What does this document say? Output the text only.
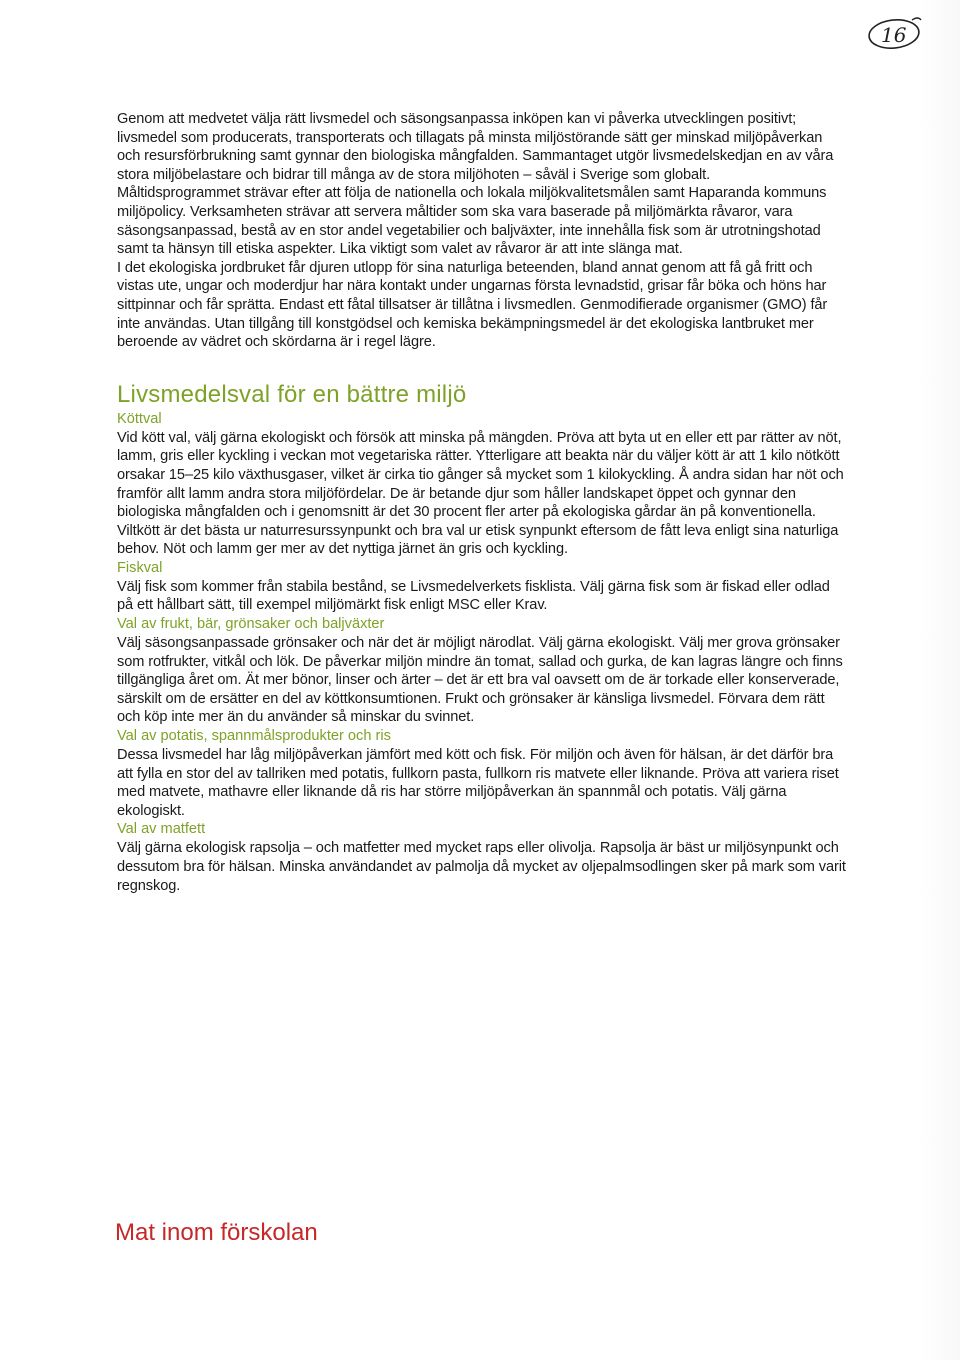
16

Genom att medvetet välja rätt livsmedel och säsongsanpassa inköpen kan vi påverka utvecklingen positivt; livsmedel som producerats, transporterats och tillagats på minsta miljöstörande sätt ger minskad miljöpåverkan och resursförbrukning samt gynnar den biologiska mångfalden. Sammantaget utgör livsmedelskedjan en av våra stora miljöbelastare och bidrar till många av de stora miljöhoten – såväl i Sverige som globalt.

Måltidsprogrammet strävar efter att följa de nationella och lokala miljökvalitetsmålen samt Haparanda kommuns miljöpolicy. Verksamheten strävar att servera måltider som ska vara baserade på miljömärkta råvaror, vara säsongsanpassad, bestå av en stor andel vegetabilier och baljväxter, inte innehålla fisk som är utrotningshotad samt ta hänsyn till etiska aspekter. Lika viktigt som valet av råvaror är att inte slänga mat.

I det ekologiska jordbruket får djuren utlopp för sina naturliga beteenden, bland annat genom att få gå fritt och vistas ute, ungar och moderdjur har nära kontakt under ungarnas första levnadstid, grisar får böka och höns har sittpinnar och får sprätta. Endast ett fåtal tillsatser är tillåtna i livsmedlen. Genmodifierade organismer (GMO) får inte användas. Utan tillgång till konstgödsel och kemiska bekämpningsmedel är det ekologiska lantbruket mer beroende av vädret och skördarna är i regel lägre.

Livsmedelsval för en bättre miljö
Köttval

Vid kött val, välj gärna ekologiskt och försök att minska på mängden. Pröva att byta ut en eller ett par rätter av nöt, lamm, gris eller kyckling i veckan mot vegetariska rätter. Ytterligare att beakta när du väljer kött är att 1 kilo nötkött orsakar 15–25 kilo växthusgaser, vilket är cirka tio gånger så mycket som 1 kilokyckling. Å andra sidan har nöt och framför allt lamm andra stora miljöfördelar. De är betande djur som håller landskapet öppet och gynnar den biologiska mångfalden och i genomsnitt är det 30 procent fler arter på ekologiska gårdar än på konventionella. Viltkött är det bästa ur naturresurssynpunkt och bra val ur etisk synpunkt eftersom de fått leva enligt sina naturliga behov. Nöt och lamm ger mer av det nyttiga järnet än gris och kyckling.

Fiskval

Välj fisk som kommer från stabila bestånd, se Livsmedelverkets fisklista. Välj gärna fisk som är fiskad eller odlad på ett hållbart sätt, till exempel miljömärkt fisk enligt MSC eller Krav.

Val av frukt, bär, grönsaker och baljväxter

Välj säsongsanpassade grönsaker och när det är möjligt närodlat. Välj gärna ekologiskt. Välj mer grova grönsaker som rotfrukter, vitkål och lök. De påverkar miljön mindre än tomat, sallad och gurka, de kan lagras längre och finns tillgängliga året om. Ät mer bönor, linser och ärter – det är ett bra val oavsett om de är torkade eller konserverade, särskilt om de ersätter en del av köttkonsumtionen. Frukt och grönsaker är känsliga livsmedel. Förvara dem rätt och köp inte mer än du använder så minskar du svinnet.

Val av potatis, spannmålsprodukter och ris

Dessa livsmedel har låg miljöpåverkan jämfört med kött och fisk. För miljön och även för hälsan, är det därför bra att fylla en stor del av tallriken med potatis, fullkorn pasta, fullkorn ris matvete eller liknande. Pröva att variera riset med matvete, mathavre eller liknande då ris har större miljöpåverkan än spannmål och potatis. Välj gärna ekologiskt.

Val av matfett

Välj gärna ekologisk rapsolja – och matfetter med mycket raps eller olivolja. Rapsolja är bäst ur miljösynpunkt och dessutom bra för hälsan. Minska användandet av palmolja då mycket av oljepalmsodlingen sker på mark som varit regnskog.

Mat inom förskolan
